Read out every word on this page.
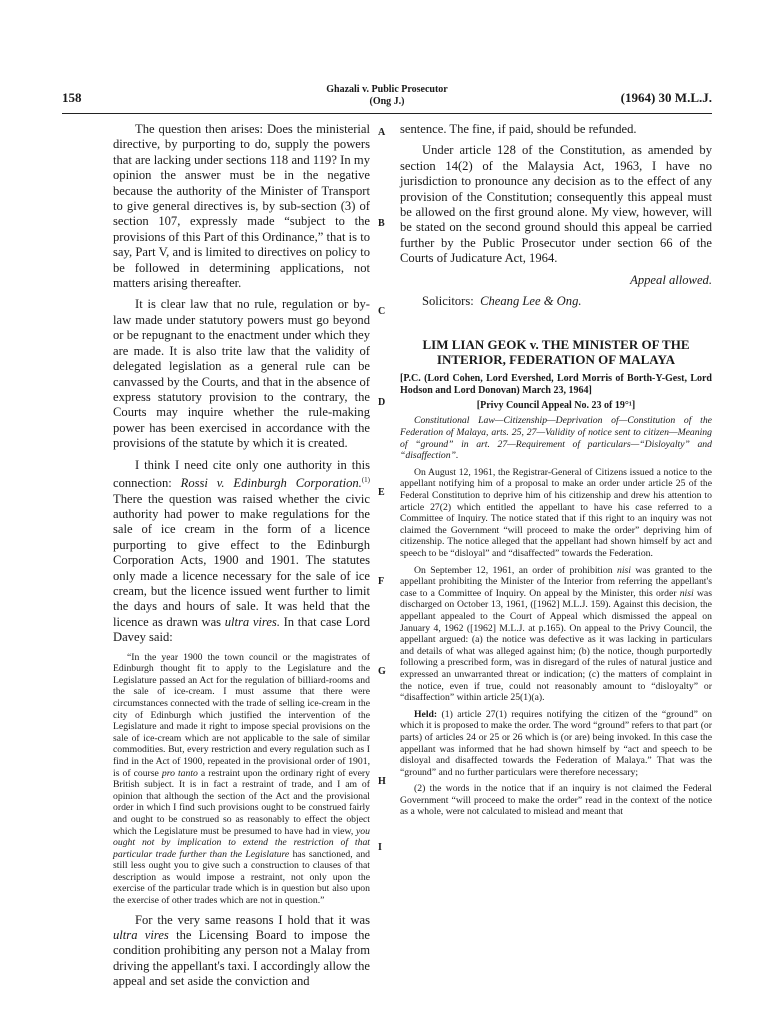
158
Ghazali v. Public Prosecutor
(Ong J.)	(1964) 30 M.L.J.
A
B
C
D
E
F
G
H
I

The question then arises: Does the ministerial directive, by purporting to do, supply the powers that are lacking under sections 118 and 119? In my opinion the answer must be in the negative because the authority of the Minister of Transport to give general directives is, by sub-section (3) of section 107, expressly made “subject to the provisions of this Part of this Ordinance,” that is to say, Part V, and is limited to directives on policy to be followed in determining applications, not matters arising thereafter.

It is clear law that no rule, regulation or by-law made under statutory powers must go beyond or be repugnant to the enactment under which they are made. It is also trite law that the validity of delegated legislation as a general rule can be canvassed by the Courts, and that in the absence of express statutory provision to the contrary, the Courts may inquire whether the rule-making power has been exercised in accordance with the provisions of the statute by which it is created.

I think I need cite only one authority in this connection: Rossi v. Edinburgh Corporation.$^{(1)}$ There the question was raised whether the civic authority had power to make regulations for the sale of ice cream in the form of a licence purporting to give effect to the Edinburgh Corporation Acts, 1900 and 1901. The statutes only made a licence necessary for the sale of ice cream, but the licence issued went further to limit the days and hours of sale. It was held that the licence as drawn was ultra vires. In that case Lord Davey said:

“In the year 1900 the town council or the magistrates of Edinburgh thought fit to apply to the Legislature and the Legislature passed an Act for the regulation of billiard-rooms and the sale of ice-cream. I must assume that there were circumstances connected with the trade of selling ice-cream in the city of Edinburgh which justified the intervention of the Legislature and made it right to impose special provisions on the sale of ice-cream which are not applicable to the sale of similar commodities. But, every restriction and every regulation such as I find in the Act of 1900, repeated in the provisional order of 1901, is of course pro tanto a restraint upon the ordinary right of every British subject. It is in fact a restraint of trade, and I am of opinion that although the section of the Act and the provisional order in which I find such provisions ought to be construed fairly and ought to be construed so as reasonably to effect the object which the Legislature must be presumed to have had in view, you ought not by implication to extend the restriction of that particular trade further than the Legislature has sanctioned, and still less ought you to give such a construction to clauses of that description as would impose a restraint, not only upon the exercise of the particular trade which is in question but also upon the exercise of other trades which are not in question.”

For the very same reasons I hold that it was ultra vires the Licensing Board to impose the condition prohibiting any person not a Malay from driving the appellant's taxi. I accordingly allow the appeal and set aside the conviction and

sentence. The fine, if paid, should be refunded.

Under article 128 of the Constitution, as amended by section 14(2) of the Malaysia Act, 1963, I have no jurisdiction to pronounce any decision as to the effect of any provision of the Constitution; consequently this appeal must be allowed on the first ground alone. My view, however, will be stated on the second ground should this appeal be carried further by the Public Prosecutor under section 66 of the Courts of Judicature Act, 1964.

Appeal allowed.

Solicitors: Cheang Lee & Ong.

LIM LIAN GEOK v. THE MINISTER OF THE INTERIOR, FEDERATION OF MALAYA

[P.C. (Lord Cohen, Lord Evershed, Lord Morris of Borth-Y-Gest, Lord Hodson and Lord Donovan) March 23, 1964]

[Privy Council Appeal No. 23 of 19°¹]

Constitutional Law—Citizenship—Deprivation of—Constitution of the Federation of Malaya, arts. 25, 27—Validity of notice sent to citizen—Meaning of “ground” in art. 27—Requirement of particulars—“Disloyalty” and “disaffection”.

On August 12, 1961, the Registrar-General of Citizens issued a notice to the appellant notifying him of a proposal to make an order under article 25 of the Federal Constitution to deprive him of his citizenship and drew his attention to article 27(2) which entitled the appellant to have his case referred to a Committee of Inquiry. The notice stated that if this right to an inquiry was not claimed the Government “will proceed to make the order” depriving him of citizenship. The notice alleged that the appellant had shown himself by act and speech to be “disloyal” and “disaffected” towards the Federation.

On September 12, 1961, an order of prohibition nisi was granted to the appellant prohibiting the Minister of the Interior from referring the appellant's case to a Committee of Inquiry. On appeal by the Minister, this order nisi was discharged on October 13, 1961, ([1962] M.L.J. 159). Against this decision, the appellant appealed to the Court of Appeal which dismissed the appeal on January 4, 1962 ([1962] M.L.J. at p.165). On appeal to the Privy Council, the appellant argued: (a) the notice was defective as it was lacking in particulars and details of what was alleged against him; (b) the notice, though purportedly following a prescribed form, was in disregard of the rules of natural justice and expressed an unwarranted threat or indication; (c) the matters of complaint in the notice, even if true, could not reasonably amount to “disloyalty” or “disaffection” within article 25(1)(a).

Held: (1) article 27(1) requires notifying the citizen of the “ground” on which it is proposed to make the order. The word “ground” refers to that part (or parts) of articles 24 or 25 or 26 which is (or are) being invoked. In this case the appellant was informed that he had shown himself by “act and speech to be disloyal and disaffected towards the Federation of Malaya.” That was the “ground” and no further particulars were therefore necessary;

(2) the words in the notice that if an inquiry is not claimed the Federal Government “will proceed to make the order” read in the context of the notice as a whole, were not calculated to mislead and meant that
